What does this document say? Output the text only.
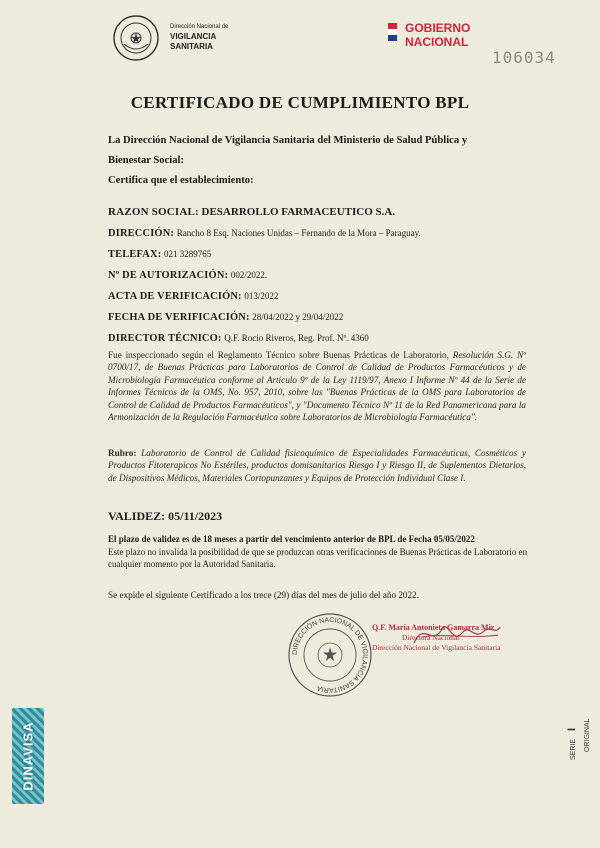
Dirección Nacional de
VIGILANCIA
SANITARIA
GOBIERNO
NACIONAL
106034
CERTIFICADO DE CUMPLIMIENTO BPL
La Dirección Nacional de Vigilancia Sanitaria del Ministerio de Salud Pública y
Bienestar Social:
Certifica que el establecimiento:
RAZON SOCIAL: DESARROLLO FARMACEUTICO S.A.
DIRECCIÓN: Rancho 8 Esq. Naciones Unidas – Fernando de la Mora – Paraguay.
TELEFAX: 021 3289765
Nº DE AUTORIZACIÓN: 002/2022.
ACTA DE VERIFICACIÓN: 013/2022
FECHA DE VERIFICACIÓN: 28/04/2022 y 29/04/2022
DIRECTOR TÉCNICO: Q.F. Rocio Riveros, Reg. Prof. Nº. 4360
Fue inspeccionado según el Reglamento Técnico sobre Buenas Prácticas de Laboratorio, Resolución S.G. Nº 0700/17, de Buenas Prácticas para Laboratorios de Control de Calidad de Productos Farmacéuticos y de Microbiología Farmacéutica conforme al Artículo 9º de la Ley 1119/97, Anexo I Informe Nº 44 de la Serie de Informes Técnicos de la OMS, No. 957, 2010, sobre las "Buenas Prácticas de la OMS para Laboratorios de Control de Calidad de Productos Farmacéuticos", y "Documento Técnico Nº 11 de la Red Panamericana para la Armonización de la Regulación Farmacéutica sobre Laboratorios de Microbiología Farmacéutica".
Rubro: Laboratorio de Control de Calidad fisicoquímico de Especialidades Farmacéuticas, Cosméticos y Productos Fitoterapicos No Estériles, productos domisanitarios Riesgo I y Riesgo II, de Suplementos Dietarios, de Dispositivos Médicos, Materiales Cortopunzantes y Equipos de Protección Individual Clase I.
VALIDEZ: 05/11/2023
El plazo de validez es de 18 meses a partir del vencimiento anterior de BPL de Fecha 05/05/2022
Este plazo no invalida la posibilidad de que se produzcan otras verificaciones de Buenas Prácticas de Laboratorio en cualquier momento por la Autoridad Sanitaria.
Se expide el siguiente Certificado a los trece (29) días del mes de julio del año 2022.
DIRECCIÓN NACIONAL DE VIGILANCIA SANITARIA
Q.F. María Antonieta Gamarra Mir
Directora Nacional
Dirección Nacional de Vigilancia Sanitaria
DINAVISA	SERIE I ORIGINAL
